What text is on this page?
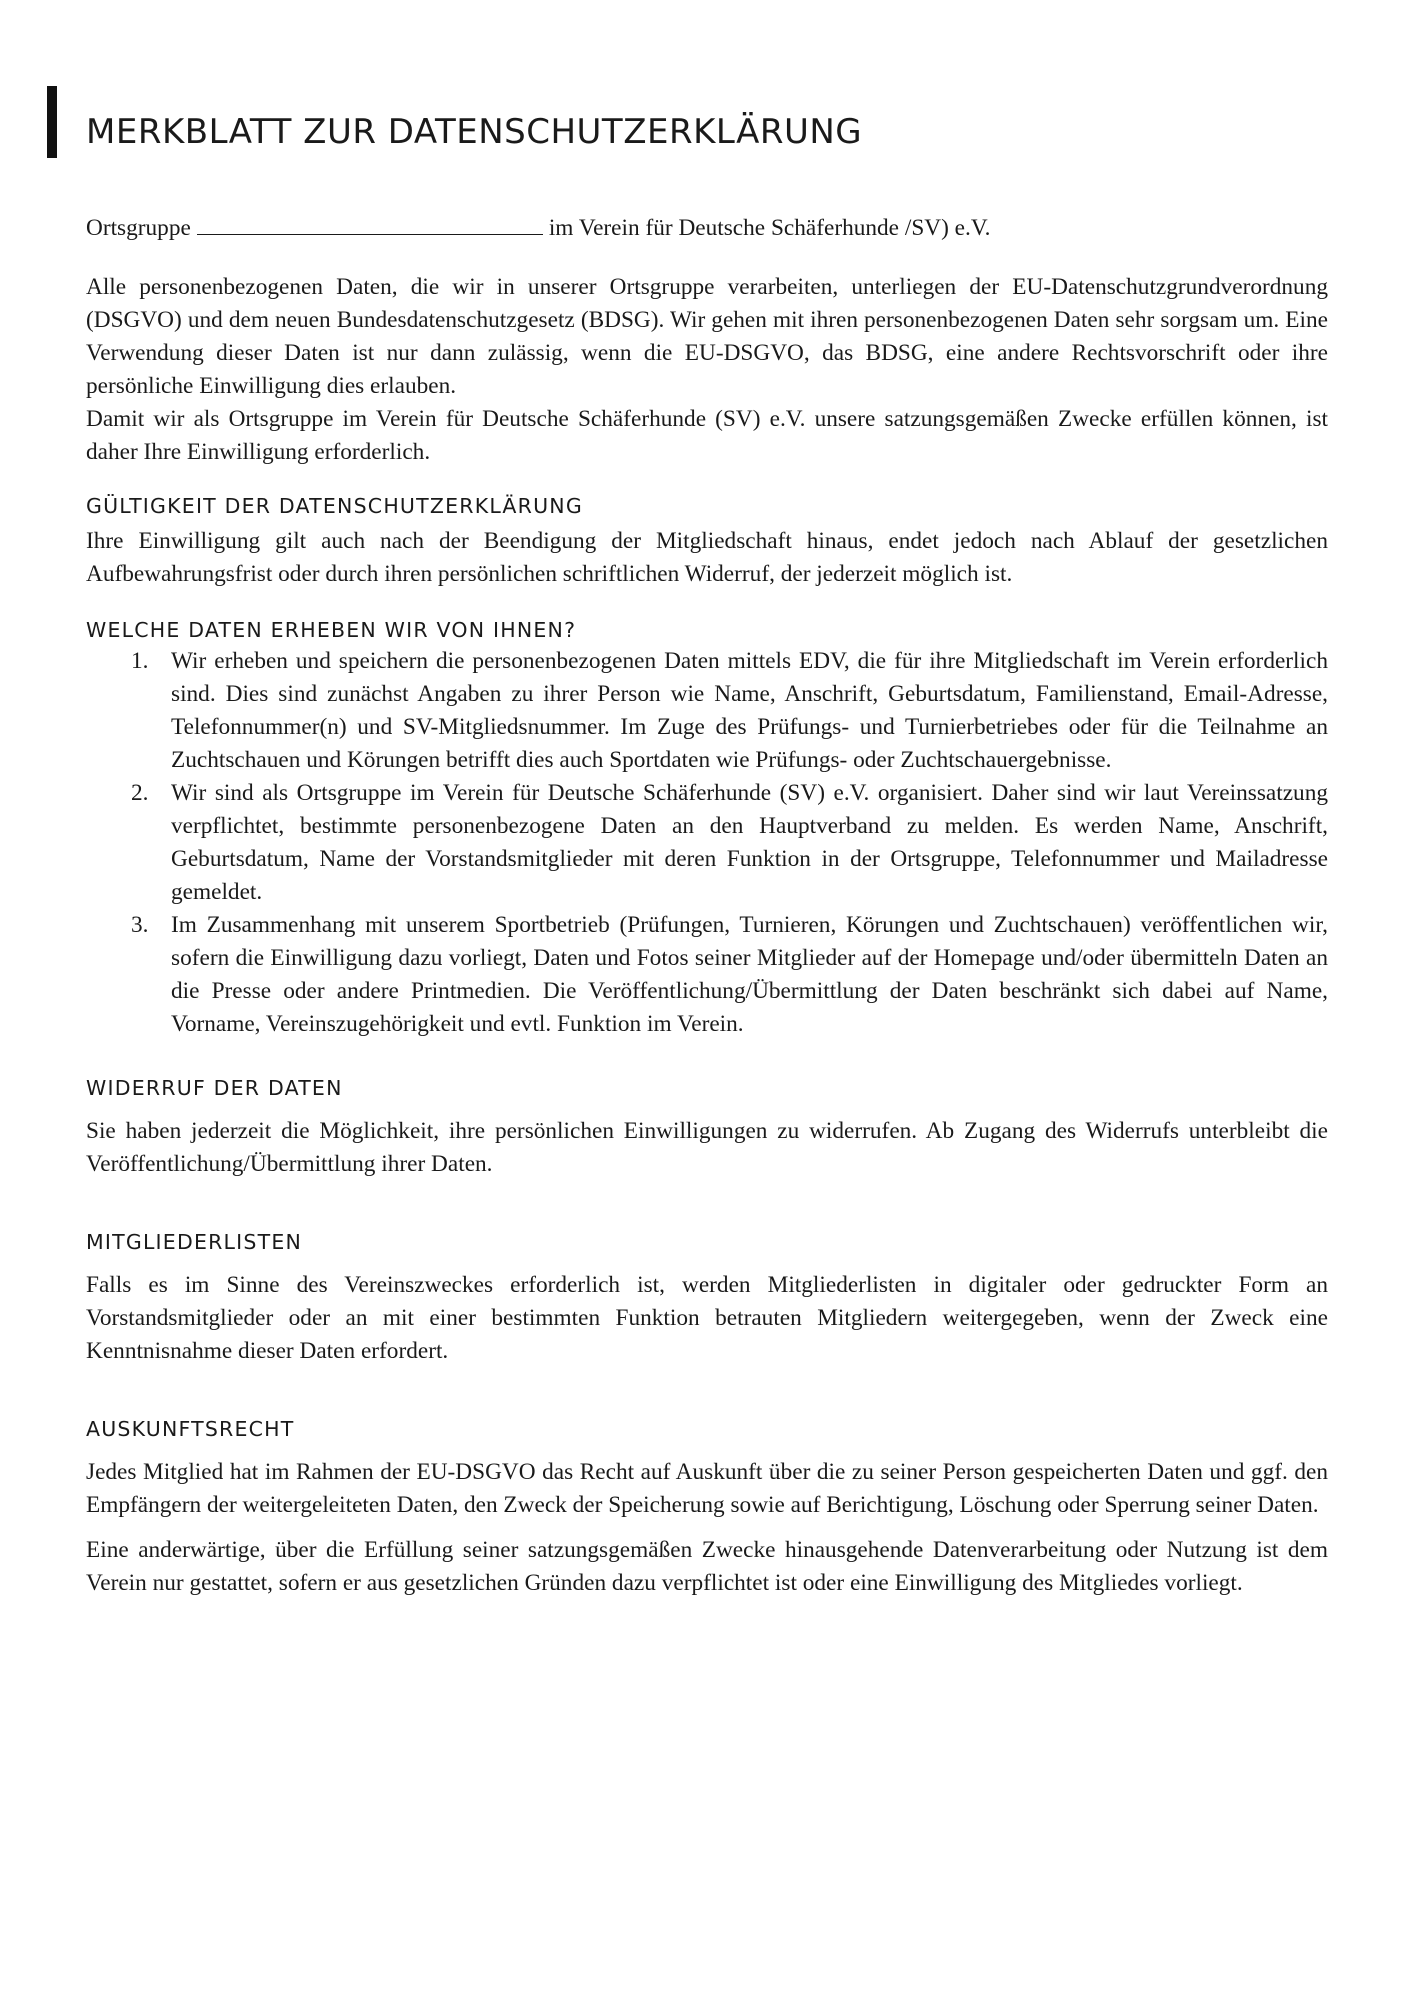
MERKBLATT ZUR DATENSCHUTZERKLÄRUNG

Ortsgruppe	im Verein für Deutsche Schäferhunde /SV) e.V.

Alle personenbezogenen Daten, die wir in unserer Ortsgruppe verarbeiten, unterliegen der EU-Datenschutzgrundverordnung (DSGVO) und dem neuen Bundesdatenschutzgesetz (BDSG). Wir gehen mit ihren personenbezogenen Daten sehr sorgsam um. Eine Verwendung dieser Daten ist nur dann zulässig, wenn die EU-DSGVO, das BDSG, eine andere Rechtsvorschrift oder ihre persönliche Einwilligung dies erlauben.

Damit wir als Ortsgruppe im Verein für Deutsche Schäferhunde (SV) e.V. unsere satzungsgemäßen Zwecke erfüllen können, ist daher Ihre Einwilligung erforderlich.

GÜLTIGKEIT DER DATENSCHUTZERKLÄRUNG

Ihre Einwilligung gilt auch nach der Beendigung der Mitgliedschaft hinaus, endet jedoch nach Ablauf der gesetzlichen Aufbewahrungsfrist oder durch ihren persönlichen schriftlichen Widerruf, der jederzeit möglich ist.

WELCHE DATEN ERHEBEN WIR VON IHNEN?
1. Wir erheben und speichern die personenbezogenen Daten mittels EDV, die für ihre Mitgliedschaft im Verein erforderlich sind. Dies sind zunächst Angaben zu ihrer Person wie Name, Anschrift, Geburtsdatum, Familienstand, Email-Adresse, Telefonnummer(n) und SV-Mitgliedsnummer. Im Zuge des Prüfungs- und Turnierbetriebes oder für die Teilnahme an Zuchtschauen und Körungen betrifft dies auch Sportdaten wie Prüfungs- oder Zuchtschauergebnisse.
2. Wir sind als Ortsgruppe im Verein für Deutsche Schäferhunde (SV) e.V. organisiert. Daher sind wir laut Vereinssatzung verpflichtet, bestimmte personenbezogene Daten an den Hauptverband zu melden. Es werden Name, Anschrift, Geburtsdatum, Name der Vorstandsmitglieder mit deren Funktion in der Ortsgruppe, Telefonnummer und Mailadresse gemeldet.
3. Im Zusammenhang mit unserem Sportbetrieb (Prüfungen, Turnieren, Körungen und Zuchtschauen) veröffentlichen wir, sofern die Einwilligung dazu vorliegt, Daten und Fotos seiner Mitglieder auf der Homepage und/oder übermitteln Daten an die Presse oder andere Printmedien. Die Veröffentlichung/Übermittlung der Daten beschränkt sich dabei auf Name, Vorname, Vereinszugehörigkeit und evtl. Funktion im Verein.
WIDERRUF DER DATEN

Sie haben jederzeit die Möglichkeit, ihre persönlichen Einwilligungen zu widerrufen. Ab Zugang des Widerrufs unterbleibt die Veröffentlichung/Übermittlung ihrer Daten.

MITGLIEDERLISTEN

Falls es im Sinne des Vereinszweckes erforderlich ist, werden Mitgliederlisten in digitaler oder gedruckter Form an Vorstandsmitglieder oder an mit einer bestimmten Funktion betrauten Mitgliedern weitergegeben, wenn der Zweck eine Kenntnisnahme dieser Daten erfordert.

AUSKUNFTSRECHT

Jedes Mitglied hat im Rahmen der EU-DSGVO das Recht auf Auskunft über die zu seiner Person gespeicherten Daten und ggf. den Empfängern der weitergeleiteten Daten, den Zweck der Speicherung sowie auf Berichtigung, Löschung oder Sperrung seiner Daten.

Eine anderwärtige, über die Erfüllung seiner satzungsgemäßen Zwecke hinausgehende Datenverarbeitung oder Nutzung ist dem Verein nur gestattet, sofern er aus gesetzlichen Gründen dazu verpflichtet ist oder eine Einwilligung des Mitgliedes vorliegt.
